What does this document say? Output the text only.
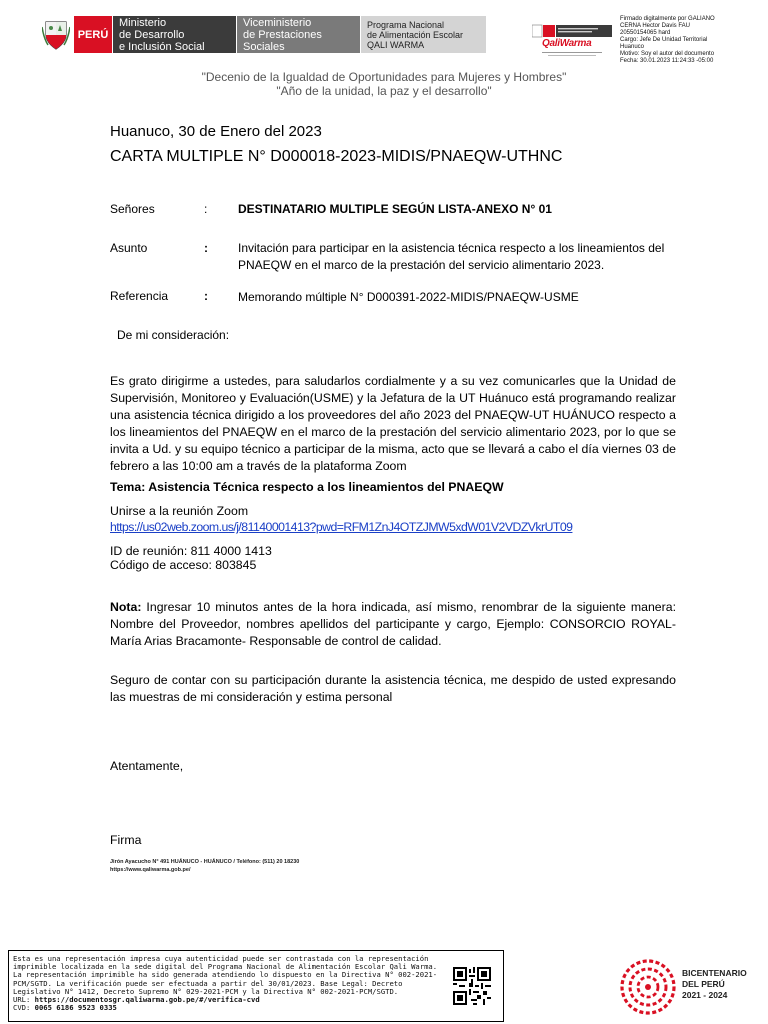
PERÚ
Ministerio
de Desarrollo
e Inclusión Social
Viceministerio
de Prestaciones Sociales
Programa Nacional
de Alimentación Escolar
QALI WARMA	QaliWarma
Firmado digitalmente por GALIANO
CERNA Hector Davis FAU
20550154065 hard
Cargo: Jefe De Unidad Territorial
Huanuco
Motivo: Soy el autor del documento
Fecha: 30.01.2023 11:24:33 -05:00
"Decenio de la Igualdad de Oportunidades para Mujeres y Hombres"
"Año de la unidad, la paz y el desarrollo"
Huanuco, 30 de Enero del 2023
CARTA MULTIPLE N° D000018-2023-MIDIS/PNAEQW-UTHNC
Señores	:	DESTINATARIO MULTIPLE SEGÚN LISTA-ANEXO N° 01
Asunto	:	Invitación para participar en la asistencia técnica respecto a los lineamientos del PNAEQW en el marco de la prestación del servicio alimentario 2023.
Referencia	:	Memorando múltiple N° D000391-2022-MIDIS/PNAEQW-USME
De mi consideración:
Es grato dirigirme a ustedes, para saludarlos cordialmente y a su vez comunicarles que la Unidad de Supervisión, Monitoreo y Evaluación(USME) y la Jefatura de la UT Huánuco está programando realizar una asistencia técnica dirigido a los proveedores del año 2023 del PNAEQW-UT HUÁNUCO respecto a los lineamientos del PNAEQW en el marco de la prestación del servicio alimentario 2023, por lo que se invita a Ud. y su equipo técnico a participar de la misma, acto que se llevará a cabo el día viernes 03 de febrero a las 10:00 am a través de la plataforma Zoom
Tema: Asistencia Técnica respecto a los lineamientos del PNAEQW
Unirse a la reunión Zoom
https://us02web.zoom.us/j/81140001413?pwd=RFM1ZnJ4OTZJMW5xdW01V2VDZVkrUT09
ID de reunión: 811 4000 1413
Código de acceso: 803845
Nota: Ingresar 10 minutos antes de la hora indicada, así mismo, renombrar de la siguiente manera: Nombre del Proveedor, nombres apellidos del participante y cargo, Ejemplo: CONSORCIO ROYAL-María Arias Bracamonte- Responsable de control de calidad.
Seguro de contar con su participación durante la asistencia técnica, me despido de usted expresando las muestras de mi consideración y estima personal
Atentamente,
Firma
Jirón Ayacucho N° 491 HUÁNUCO - HUÁNUCO / Teléfono: (511) 20 18230
https://www.qaliwarma.gob.pe/
Esta es una representación impresa cuya autenticidad puede ser contrastada con la representación imprimible localizada en la sede digital del Programa Nacional de Alimentación Escolar Qali Warma. La representación imprimible ha sido generada atendiendo lo dispuesto en la Directiva N° 002-2021-PCM/SGTD. La verificación puede ser efectuada a partir del 30/01/2023. Base Legal: Decreto Legislativo N° 1412, Decreto Supremo N° 029-2021-PCM y la Directiva N° 002-2021-PCM/SGTD.
URL: https://documentosgr.qaliwarma.gob.pe/#/verifica-cvd
CVD: 0065 6186 9523 0335
BICENTENARIO
DEL PERÚ
2021 - 2024
